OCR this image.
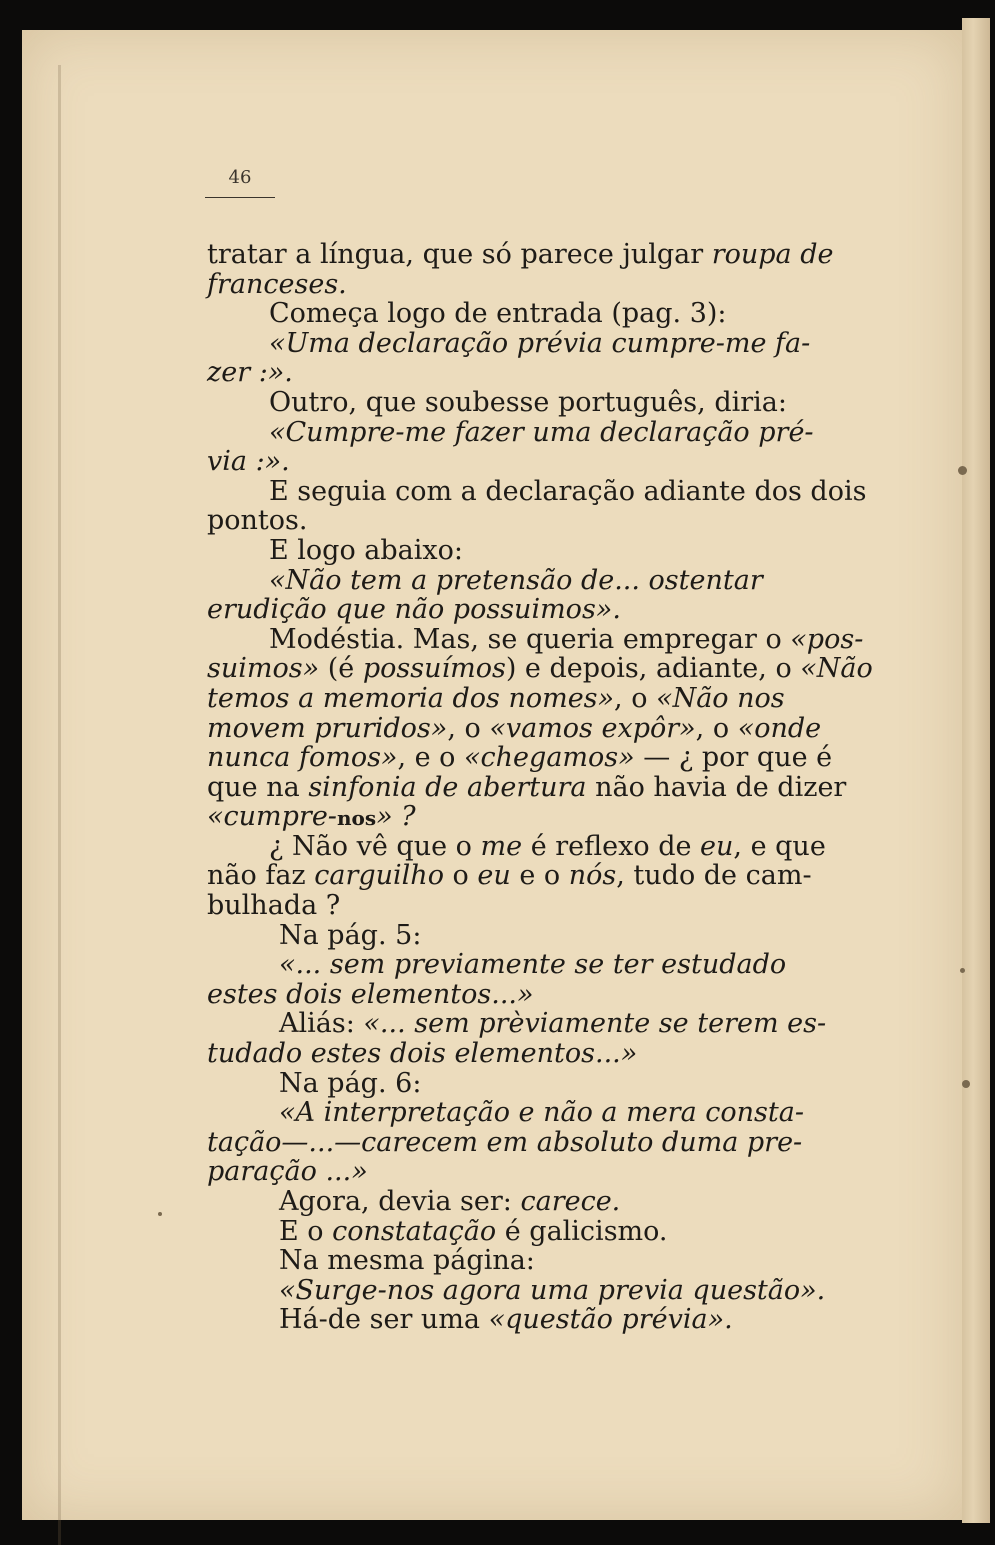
46
tratar a língua, que só parece julgar roupa de
franceses.
Começa logo de entrada (pag. 3):
«Uma declaração prévia cumpre-me fa-
zer :».
Outro, que soubesse português, diria:
«Cumpre-me fazer uma declaração pré-
via :».
E seguia com a declaração adiante dos dois
pontos.
E logo abaixo:
«Não tem a pretensão de... ostentar
erudição que não possuimos».
Modéstia. Mas, se queria empregar o «pos-
suimos» (é possuímos) e depois, adiante, o «Não
temos a memoria dos nomes», o «Não nos
movem pruridos», o «vamos expôr», o «onde
nunca fomos», e o «chegamos» — ¿ por que é
que na sinfonia de abertura não havia de dizer
«cumpre-nos» ?
¿ Não vê que o me é reflexo de eu, e que
não faz carguilho o eu e o nós, tudo de cam-
bulhada ?
Na pág. 5:
«... sem previamente se ter estudado
estes dois elementos...»
Aliás: «... sem prèviamente se terem es-
tudado estes dois elementos...»
Na pág. 6:
«A interpretação e não a mera consta-
tação—...—carecem em absoluto duma pre-
paração ...»
Agora, devia ser: carece.
E o constatação é galicismo.
Na mesma página:
«Surge-nos agora uma previa questão».
Há-de ser uma «questão prévia».
